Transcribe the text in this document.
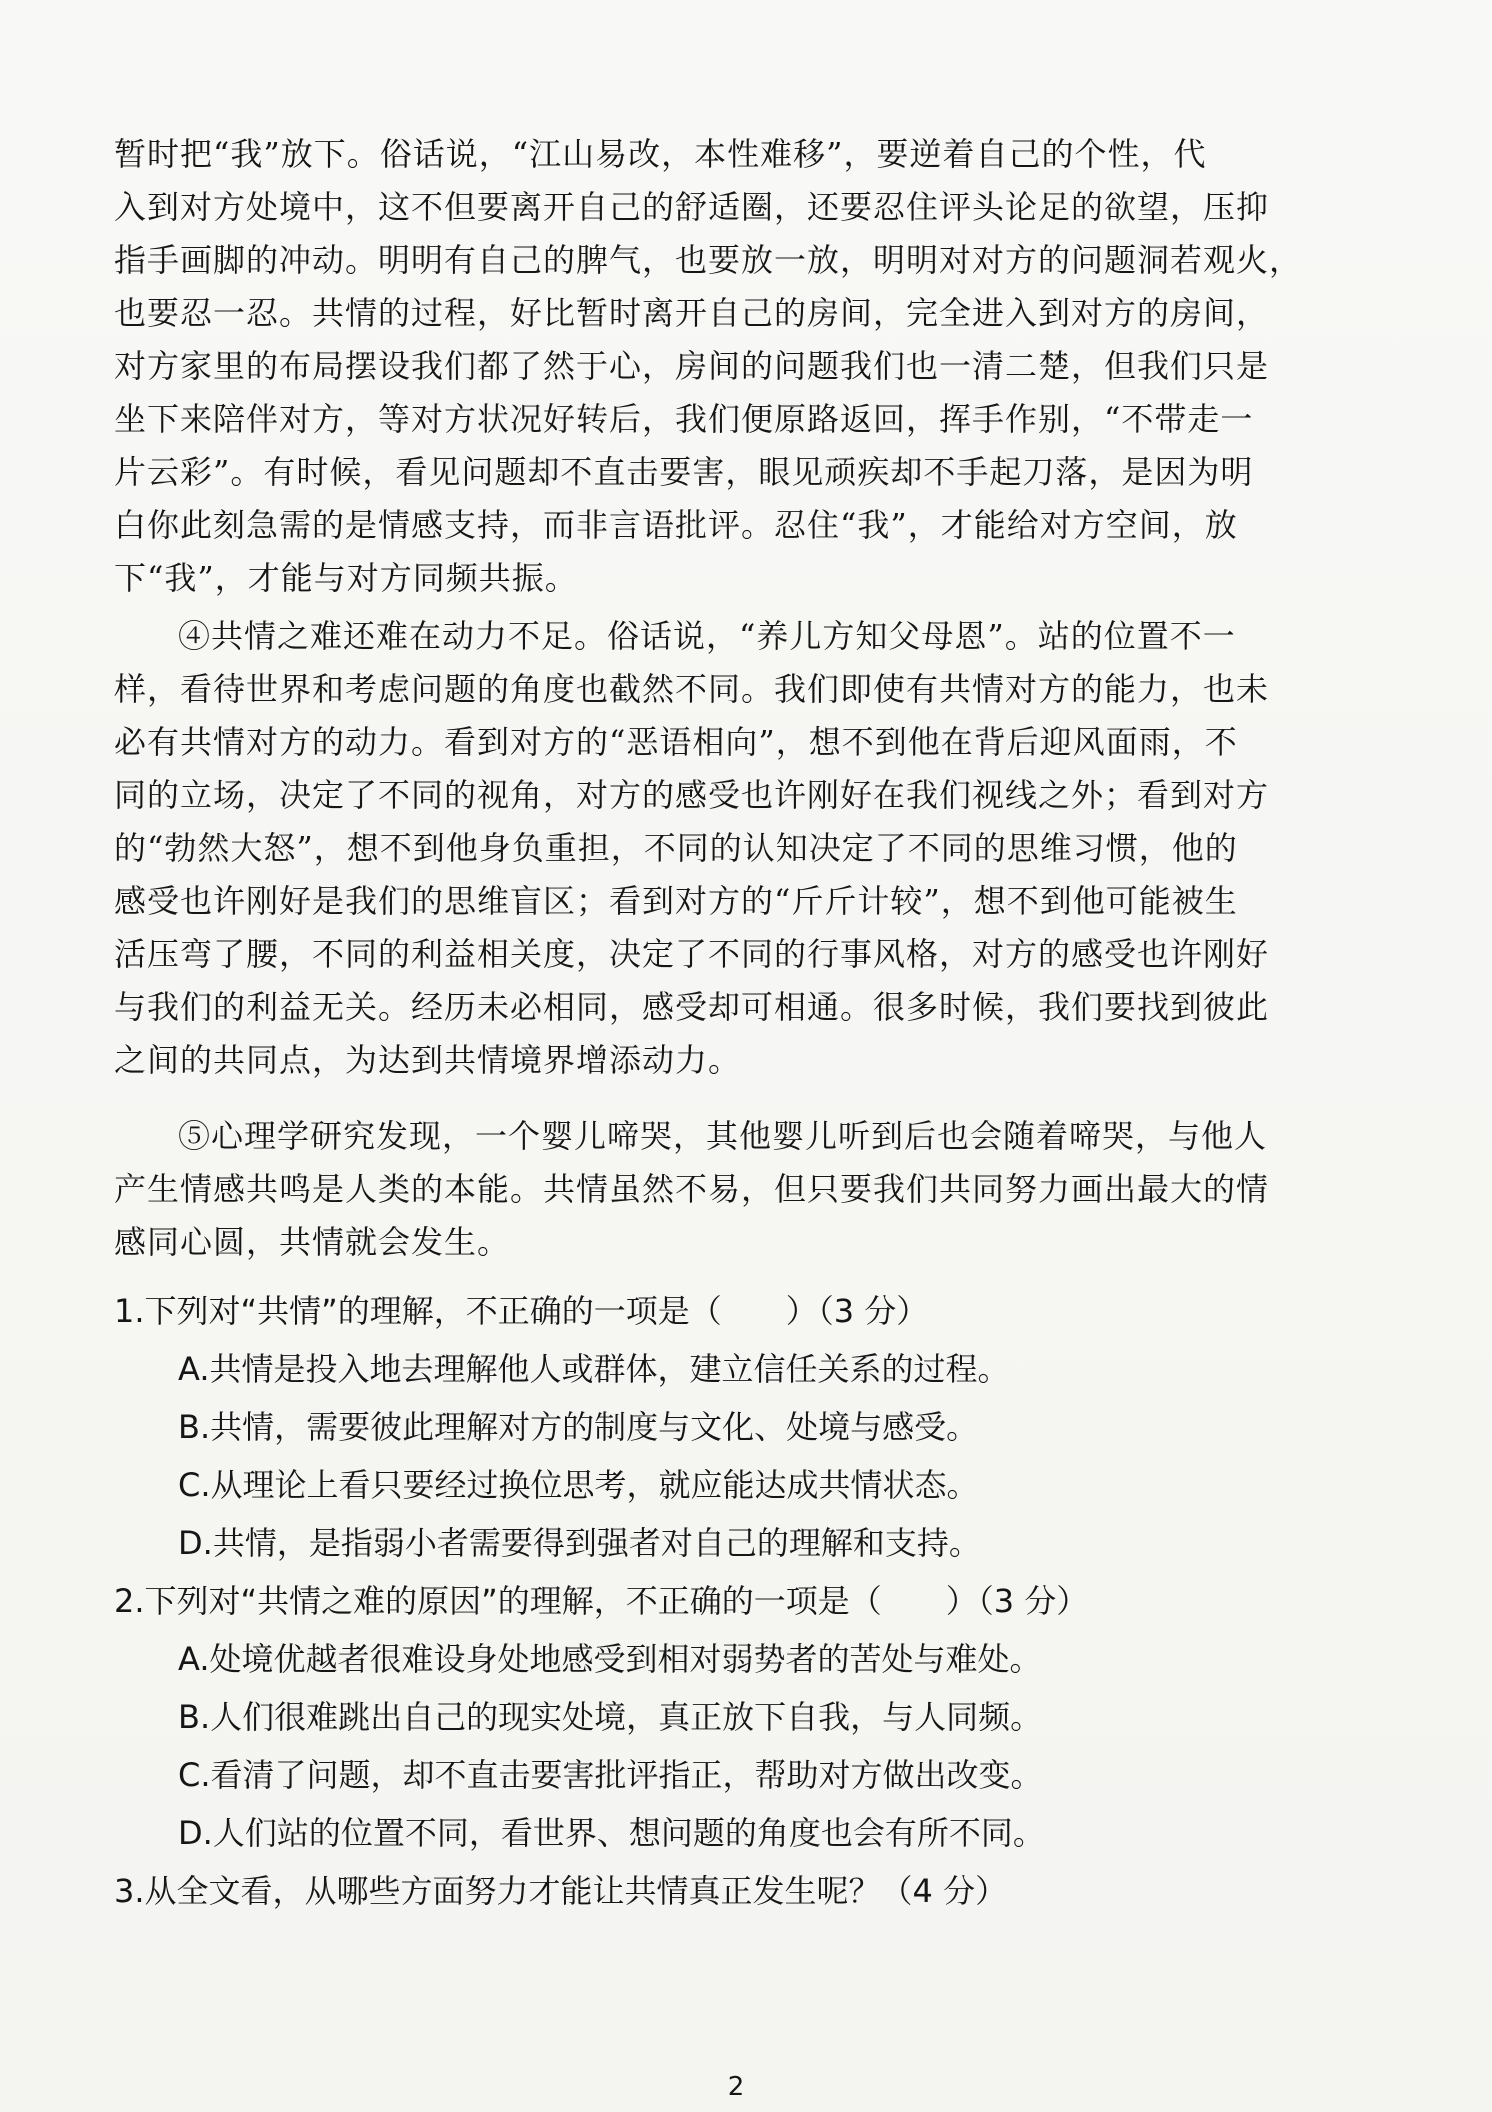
暂时把“我”放下。俗话说，“江山易改，本性难移”，要逆着自己的个性，代
入到对方处境中，这不但要离开自己的舒适圈，还要忍住评头论足的欲望，压抑
指手画脚的冲动。明明有自己的脾气，也要放一放，明明对对方的问题洞若观火，
也要忍一忍。共情的过程，好比暂时离开自己的房间，完全进入到对方的房间，
对方家里的布局摆设我们都了然于心，房间的问题我们也一清二楚，但我们只是
坐下来陪伴对方，等对方状况好转后，我们便原路返回，挥手作别，“不带走一
片云彩”。有时候，看见问题却不直击要害，眼见顽疾却不手起刀落，是因为明
白你此刻急需的是情感支持，而非言语批评。忍住“我”，才能给对方空间，放
下“我”，才能与对方同频共振。
④共情之难还难在动力不足。俗话说，“养儿方知父母恩”。站的位置不一
样，看待世界和考虑问题的角度也截然不同。我们即使有共情对方的能力，也未
必有共情对方的动力。看到对方的“恶语相向”，想不到他在背后迎风面雨，不
同的立场，决定了不同的视角，对方的感受也许刚好在我们视线之外；看到对方
的“勃然大怒”，想不到他身负重担，不同的认知决定了不同的思维习惯，他的
感受也许刚好是我们的思维盲区；看到对方的“斤斤计较”，想不到他可能被生
活压弯了腰，不同的利益相关度，决定了不同的行事风格，对方的感受也许刚好
与我们的利益无关。经历未必相同，感受却可相通。很多时候，我们要找到彼此
之间的共同点，为达到共情境界增添动力。
⑤心理学研究发现，一个婴儿啼哭，其他婴儿听到后也会随着啼哭，与他人
产生情感共鸣是人类的本能。共情虽然不易，但只要我们共同努力画出最大的情
感同心圆，共情就会发生。
1.下列对“共情”的理解，不正确的一项是（　　）（3 分）
A.共情是投入地去理解他人或群体，建立信任关系的过程。
B.共情，需要彼此理解对方的制度与文化、处境与感受。
C.从理论上看只要经过换位思考，就应能达成共情状态。
D.共情，是指弱小者需要得到强者对自己的理解和支持。
2.下列对“共情之难的原因”的理解，不正确的一项是（　　）（3 分）
A.处境优越者很难设身处地感受到相对弱势者的苦处与难处。
B.人们很难跳出自己的现实处境，真正放下自我，与人同频。
C.看清了问题，却不直击要害批评指正，帮助对方做出改变。
D.人们站的位置不同，看世界、想问题的角度也会有所不同。
3.从全文看，从哪些方面努力才能让共情真正发生呢？（4 分）
2
